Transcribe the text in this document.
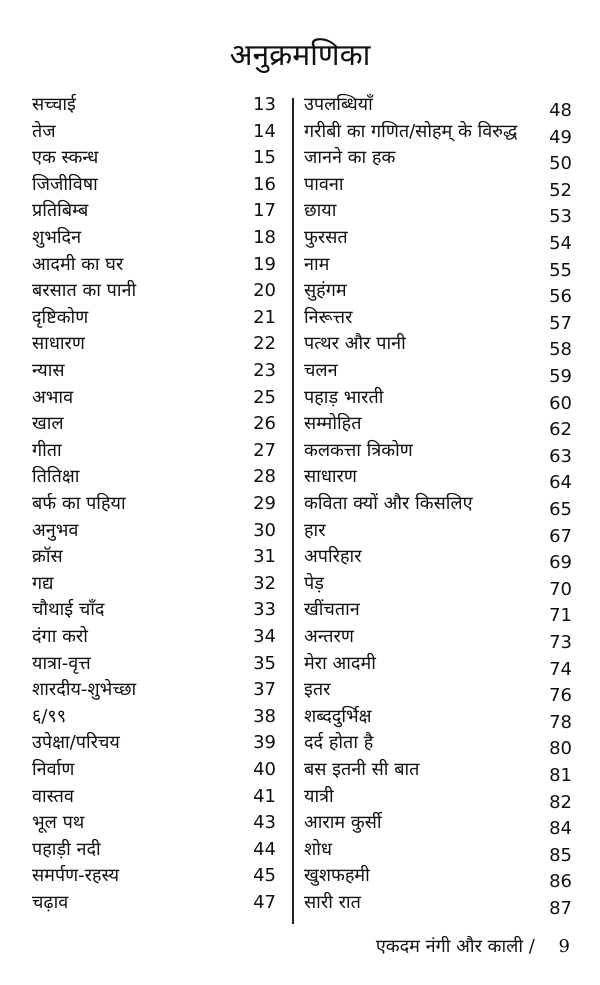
अनुक्रमणिका
सच्चाई	13
तेज	14
एक स्कन्ध	15
जिजीविषा	16
प्रतिबिम्ब	17
शुभदिन	18
आदमी का घर	19
बरसात का पानी	20
दृष्टिकोण	21
साधारण	22
न्यास	23
अभाव	25
खाल	26
गीता	27
तितिक्षा	28
बर्फ का पहिया	29
अनुभव	30
क्रॉस	31
गद्य	32
चौथाई चाँद	33
दंगा करो	34
यात्रा-वृत्त	35
शारदीय-शुभेच्छा	37
६/९९	38
उपेक्षा/परिचय	39
निर्वाण	40
वास्तव	41
भूल पथ	43
पहाड़ी नदी	44
समर्पण-रहस्य	45
चढ़ाव	47
उपलब्धियाँ	48
गरीबी का गणित/सोहम् के विरुद्ध 49
जानने का हक	50
पावना	52
छाया	53
फुरसत	54
नाम	55
सुहंगम	56
निरूत्तर	57
पत्थर और पानी	58
चलन	59
पहाड़ भारती	60
सम्मोहित	62
कलकत्ता त्रिकोण	63
साधारण	64
कविता क्यों और किसलिए	65
हार	67
अपरिहार	69
पेड़	70
खींचतान	71
अन्तरण	73
मेरा आदमी	74
इतर	76
शब्ददुर्भिक्ष	78
दर्द होता है	80
बस इतनी सी बात	81
यात्री	82
आराम कुर्सी	84
शोध	85
खुशफहमी	86
सारी रात	87
एकदम नंगी और काली / 9
